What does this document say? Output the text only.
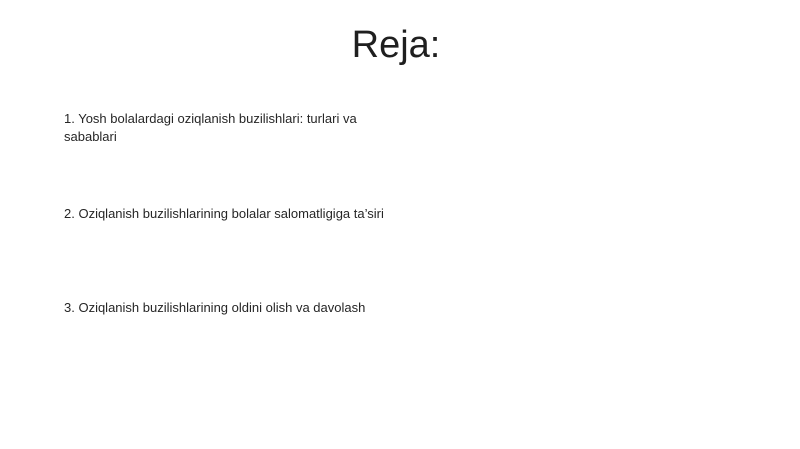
Reja:
1. Yosh bolalardagi oziqlanish buzilishlari: turlari va sabablari
2. Oziqlanish buzilishlarining bolalar salomatligiga ta’siri
3. Oziqlanish buzilishlarining oldini olish va davolash
